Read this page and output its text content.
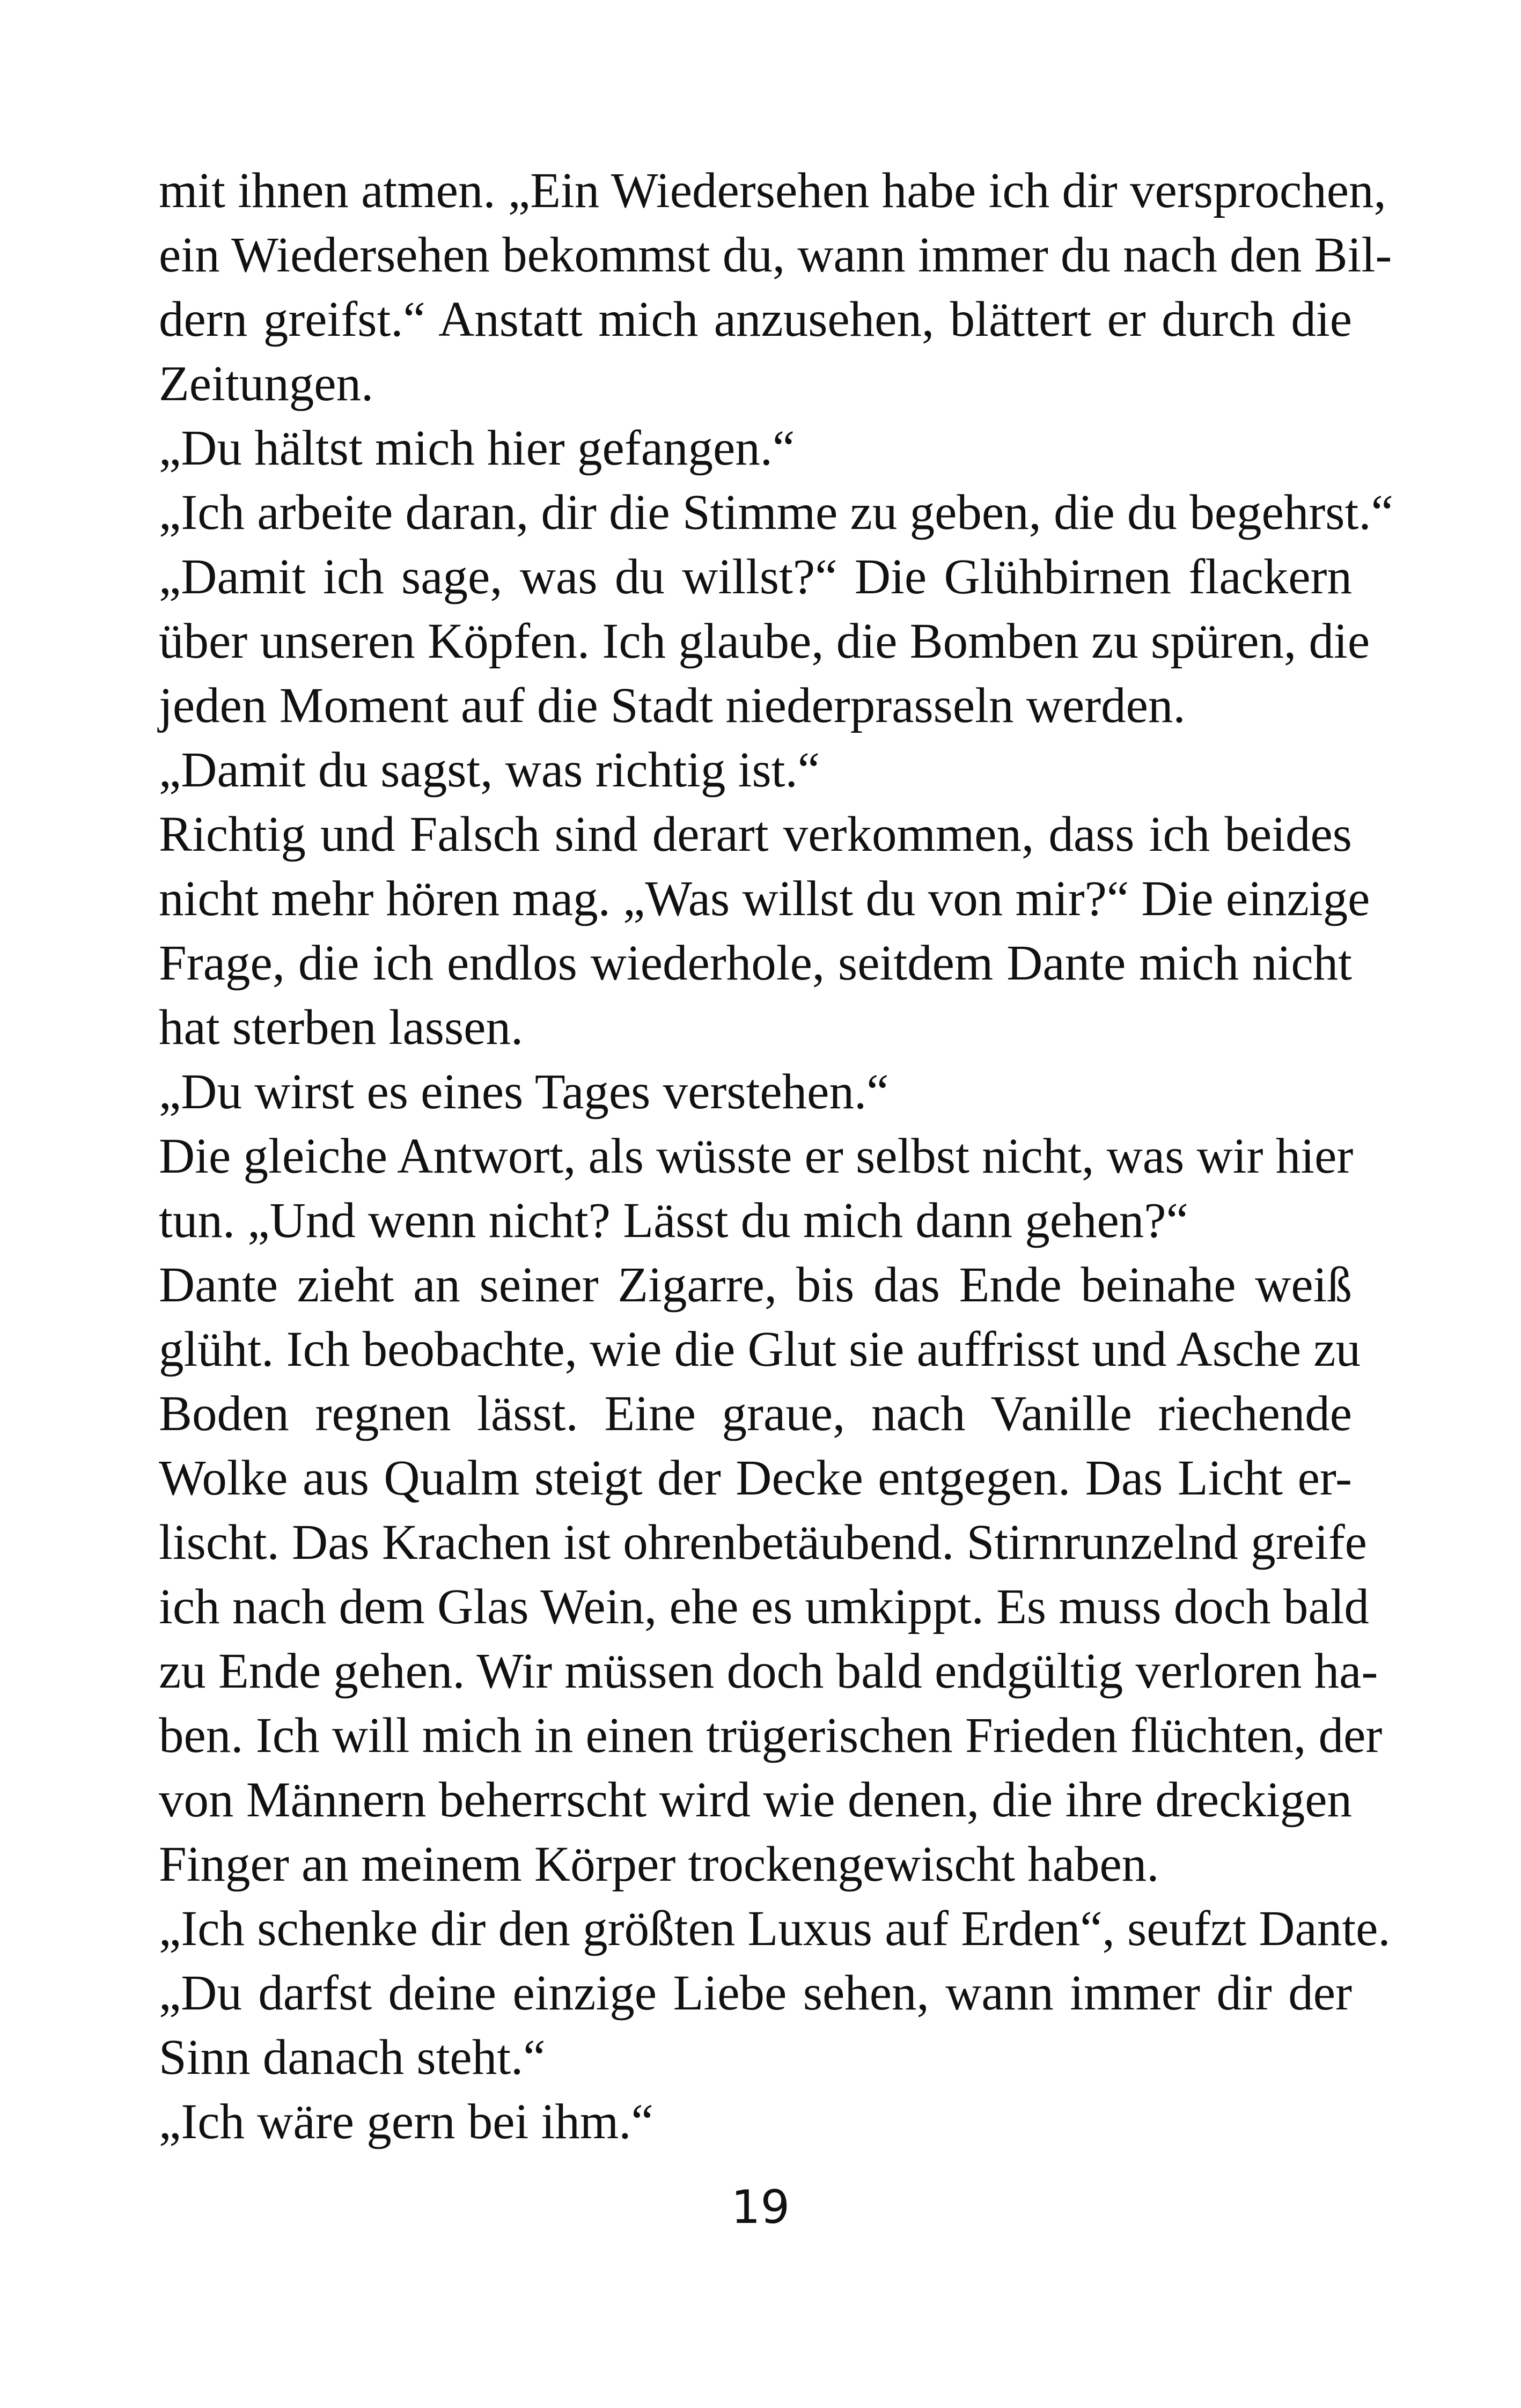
mit ihnen atmen. „Ein Wiedersehen habe ich dir versprochen,
ein Wiedersehen bekommst du, wann immer du nach den Bil-
dern greifst.“ Anstatt mich anzusehen, blättert er durch die
Zeitungen.
„Du hältst mich hier gefangen.“
„Ich arbeite daran, dir die Stimme zu geben, die du begehrst.“
„Damit ich sage, was du willst?“ Die Glühbirnen flackern
über unseren Köpfen. Ich glaube, die Bomben zu spüren, die
jeden Moment auf die Stadt niederprasseln werden.
„Damit du sagst, was richtig ist.“
Richtig und Falsch sind derart verkommen, dass ich beides
nicht mehr hören mag. „Was willst du von mir?“ Die einzige
Frage, die ich endlos wiederhole, seitdem Dante mich nicht
hat sterben lassen.
„Du wirst es eines Tages verstehen.“
Die gleiche Antwort, als wüsste er selbst nicht, was wir hier
tun. „Und wenn nicht? Lässt du mich dann gehen?“
Dante zieht an seiner Zigarre, bis das Ende beinahe weiß
glüht. Ich beobachte, wie die Glut sie auffrisst und Asche zu
Boden regnen lässt. Eine graue, nach Vanille riechende
Wolke aus Qualm steigt der Decke entgegen. Das Licht er-
lischt. Das Krachen ist ohrenbetäubend. Stirnrunzelnd greife
ich nach dem Glas Wein, ehe es umkippt. Es muss doch bald
zu Ende gehen. Wir müssen doch bald endgültig verloren ha-
ben. Ich will mich in einen trügerischen Frieden flüchten, der
von Männern beherrscht wird wie denen, die ihre dreckigen
Finger an meinem Körper trockengewischt haben.
„Ich schenke dir den größten Luxus auf Erden“, seufzt Dante.
„Du darfst deine einzige Liebe sehen, wann immer dir der
Sinn danach steht.“
„Ich wäre gern bei ihm.“
19
